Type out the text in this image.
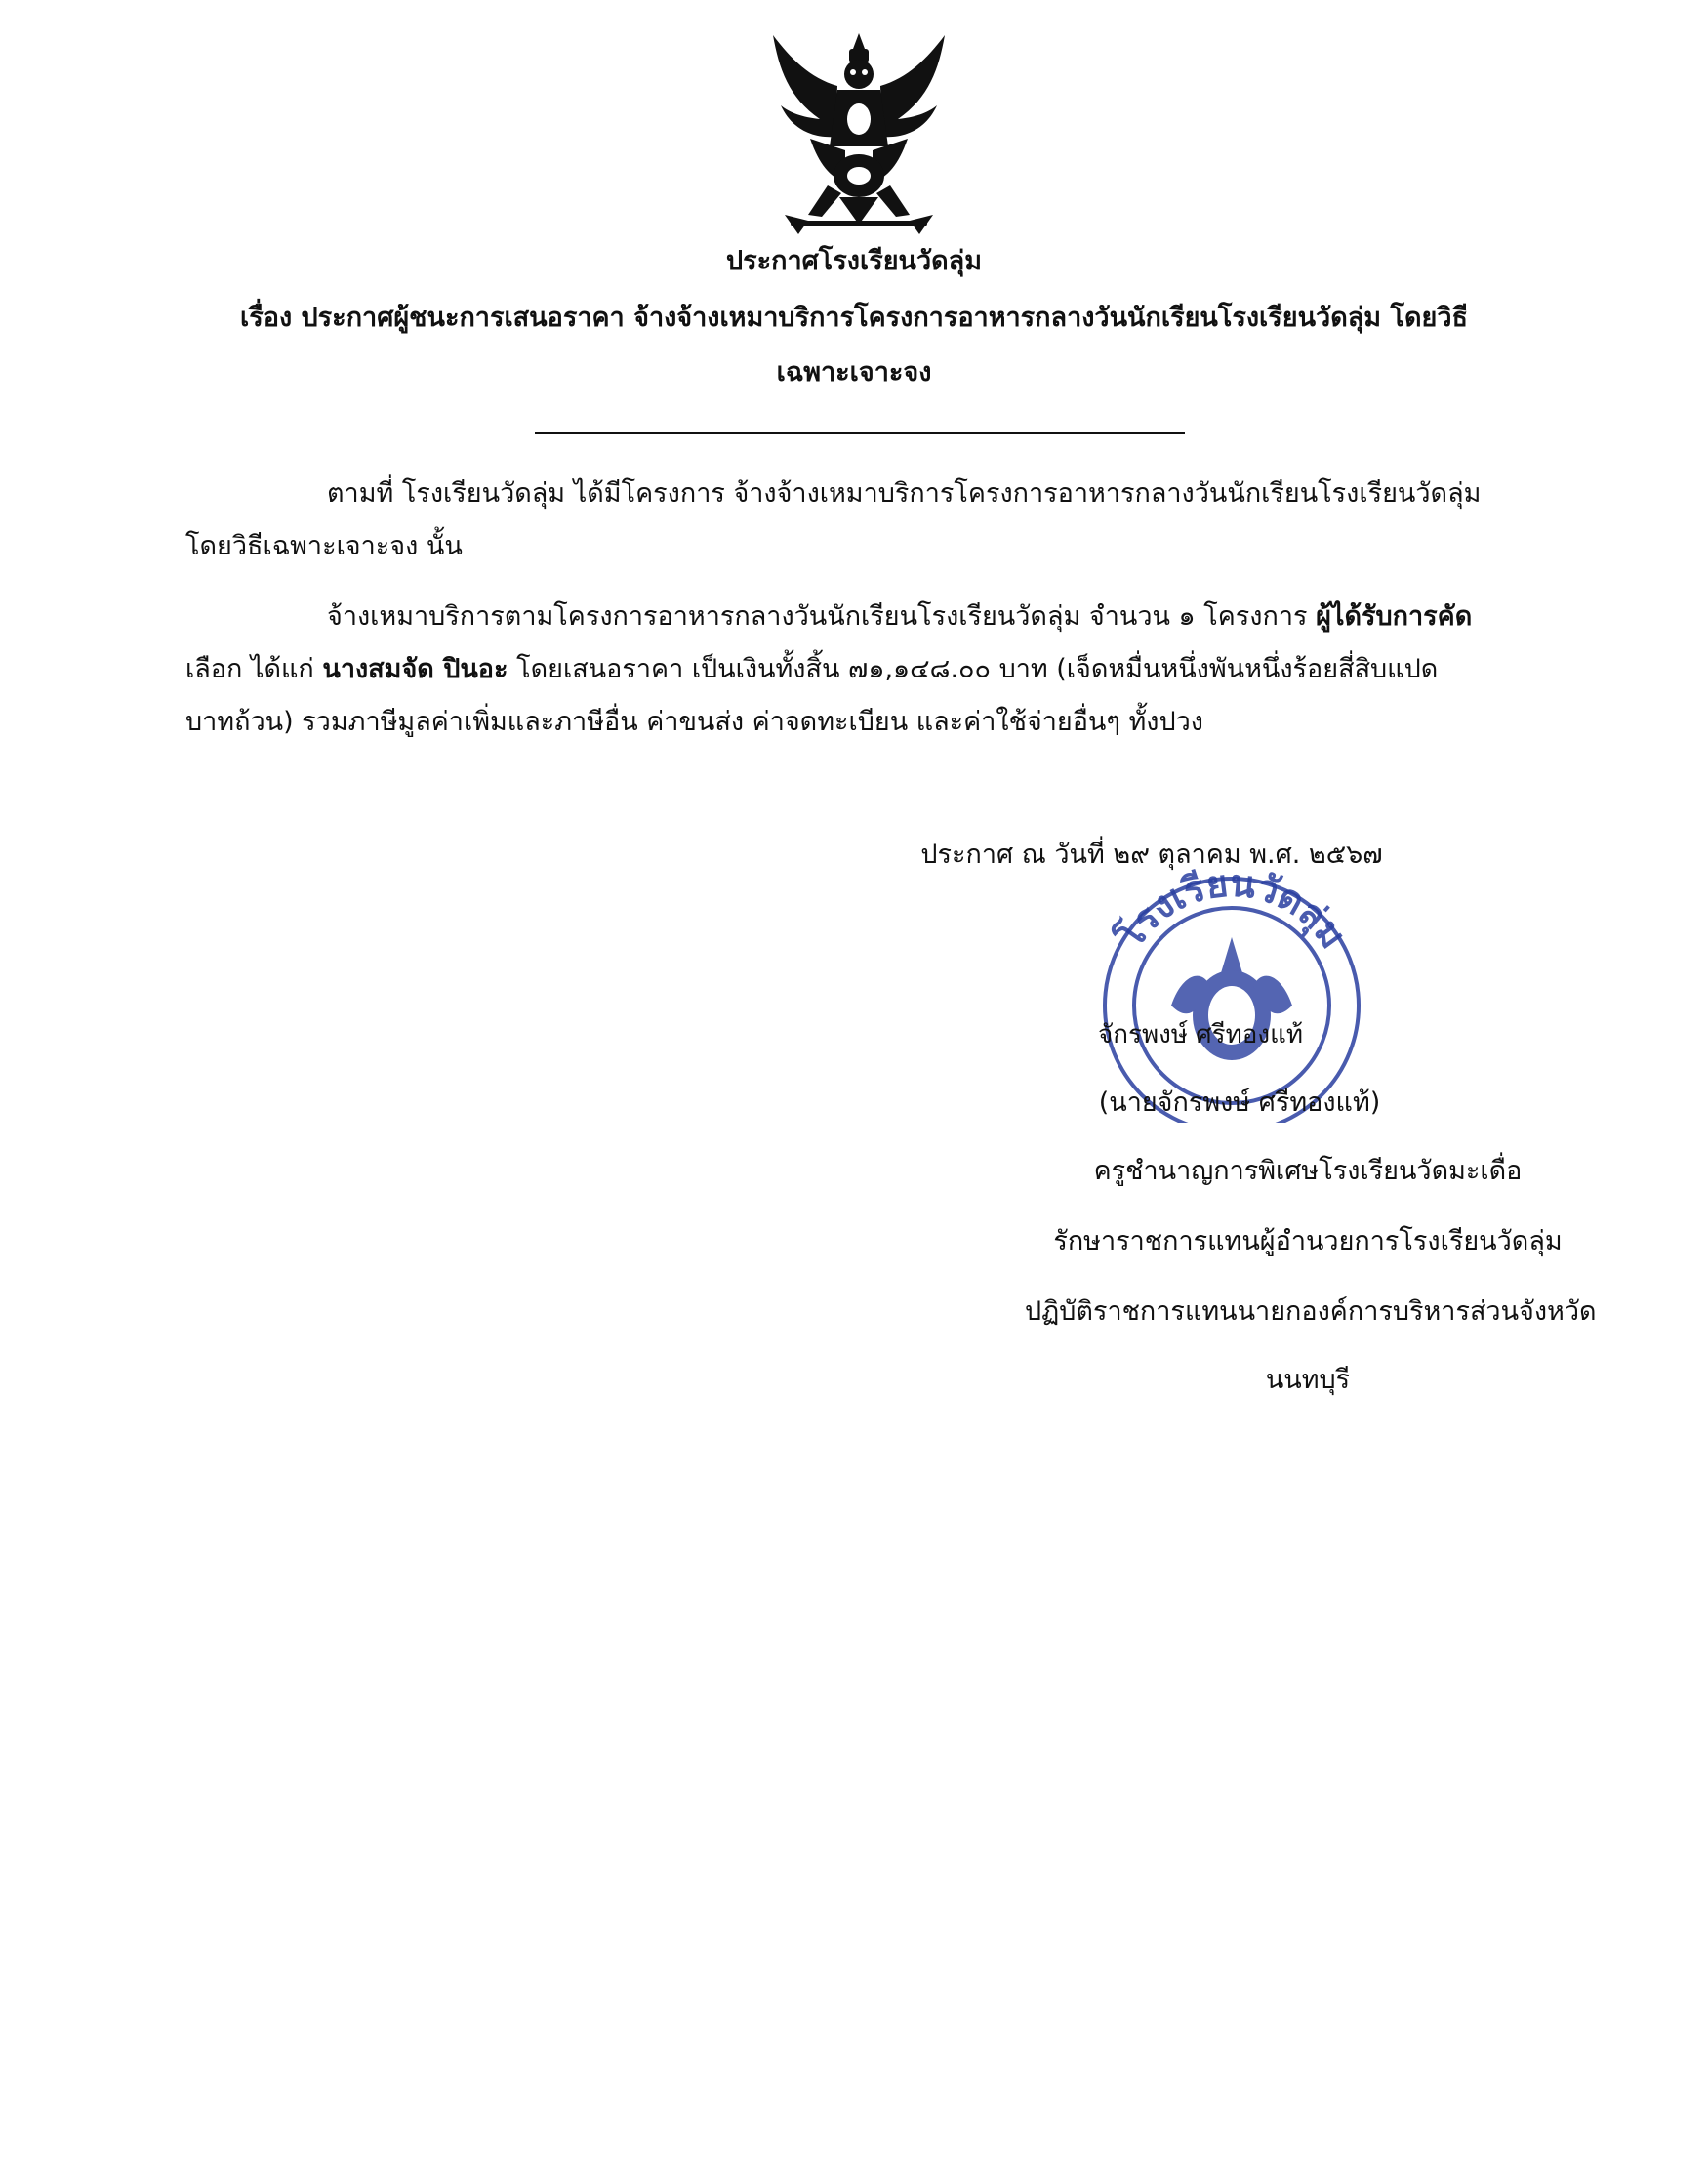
ประกาศโรงเรียนวัดลุ่ม

เรื่อง ประกาศผู้ชนะการเสนอราคา จ้างจ้างเหมาบริการโครงการอาหารกลางวันนักเรียนโรงเรียนวัดลุ่ม โดยวิธี

เฉพาะเจาะจง

ตามที่ โรงเรียนวัดลุ่ม ได้มีโครงการ จ้างจ้างเหมาบริการโครงการอาหารกลางวันนักเรียนโรงเรียนวัดลุ่ม

โดยวิธีเฉพาะเจาะจง นั้น

จ้างเหมาบริการตามโครงการอาหารกลางวันนักเรียนโรงเรียนวัดลุ่ม จำนวน ๑ โครงการ ผู้ได้รับการคัด

เลือก ได้แก่ นางสมจัด ปินอะ โดยเสนอราคา เป็นเงินทั้งสิ้น ๗๑,๑๔๘.๐๐ บาท (เจ็ดหมื่นหนึ่งพันหนึ่งร้อยสี่สิบแปด

บาทถ้วน) รวมภาษีมูลค่าเพิ่มและภาษีอื่น ค่าขนส่ง ค่าจดทะเบียน และค่าใช้จ่ายอื่นๆ ทั้งปวง

ประกาศ ณ วันที่ ๒๙ ตุลาคม พ.ศ. ๒๕๖๗

โรงเรียนวัดลุ่ม

จักรพงษ์ ศรีทองแท้

(นายจักรพงษ์ ศรีทองแท้)

ครูชำนาญการพิเศษโรงเรียนวัดมะเดื่อ

รักษาราชการแทนผู้อำนวยการโรงเรียนวัดลุ่ม

ปฏิบัติราชการแทนนายกองค์การบริหารส่วนจังหวัด

นนทบุรี
